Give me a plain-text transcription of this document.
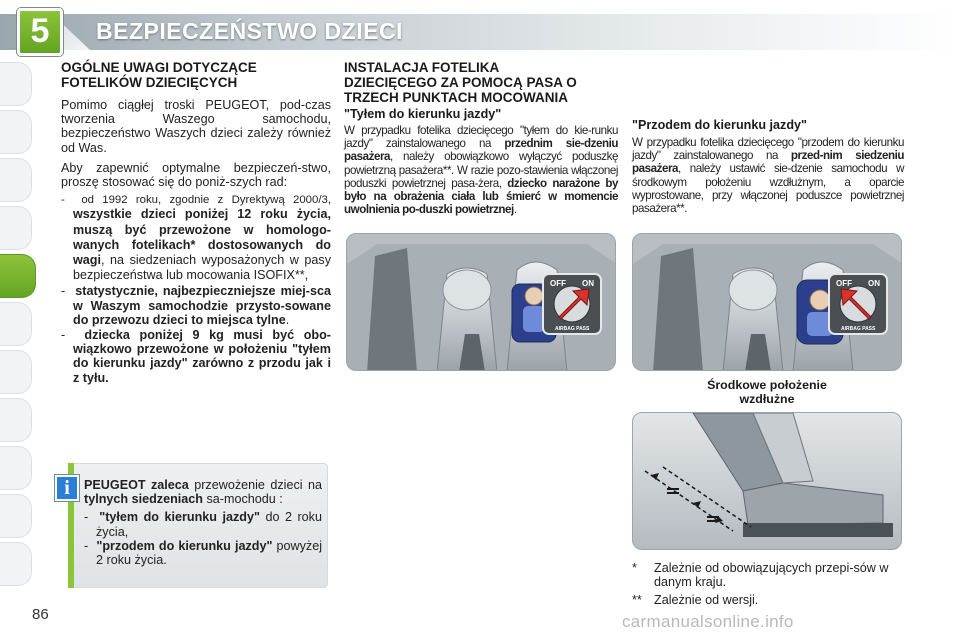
5	BEZPIECZEŃSTWO DZIECI
OGÓLNE UWAGI DOTYCZĄCE
FOTELIKÓW DZIECIĘCYCH

Pomimo ciągłej troski PEUGEOT, pod-czas tworzenia Waszego samochodu, bezpieczeństwo Waszych dzieci zależy również od Was.

Aby zapewnić optymalne bezpieczeń-stwo, proszę stosować się do poniż-szych rad:

-  od 1992 roku, zgodnie z Dyrektywą 2000/3, wszystkie dzieci poniżej 12 roku życia, muszą być przewożone w homologo-wanych fotelikach* dostosowanych do wagi, na siedzeniach wyposażonych w pasy bezpieczeństwa lub mocowania ISOFIX**,
-  statystycznie, najbezpieczniejsze miej-sca w Waszym samochodzie przysto-sowane do przewozu dzieci to miejsca tylne.
-  dziecka poniżej 9 kg musi być obo-wiązkowo przewożone w położeniu "tyłem do kierunku jazdy" zarówno z przodu jak i z tyłu.
i	PEUGEOT zaleca przewożenie dzieci na tylnych siedzeniach sa-mochodu :

- "tyłem do kierunku jazdy" do 2 roku życia,
- "przodem do kierunku jazdy" powyżej 2 roku życia.
INSTALACJA FOTELIKA
DZIECIĘCEGO ZA POMOCĄ PASA O
TRZECH PUNKTACH MOCOWANIA
"Tyłem do kierunku jazdy"

W przypadku fotelika dziecięcego "tyłem do kie-runku jazdy" zainstalowanego na przednim sie-dzeniu pasażera, należy obowiązkowo wyłączyć poduszkę powietrzną pasażera**. W razie pozo-stawienia włączonej poduszki powietrznej pasa-żera, dziecko narażone by było na obrażenia ciała lub śmierć w momencie uwolnienia po-duszki powietrznej.

OFF ON
AIRBAG PASS
"Przodem do kierunku jazdy"

W przypadku fotelika dziecięcego "przodem do kierunku jazdy" zainstalowanego na przed-nim siedzeniu pasażera, należy ustawić sie-dzenie samochodu w środkowym położeniu wzdłużnym, a oparcie wyprostowane, przy włączonej poduszce powietrznej pasażera**.

OFF ON
AIRBAG PASS
Środkowe położenie
wzdłużne
*	Zależnie od obowiązujących przepi-sów w danym kraju.
** Zależnie od wersji.
86	carmanualsonline.info
